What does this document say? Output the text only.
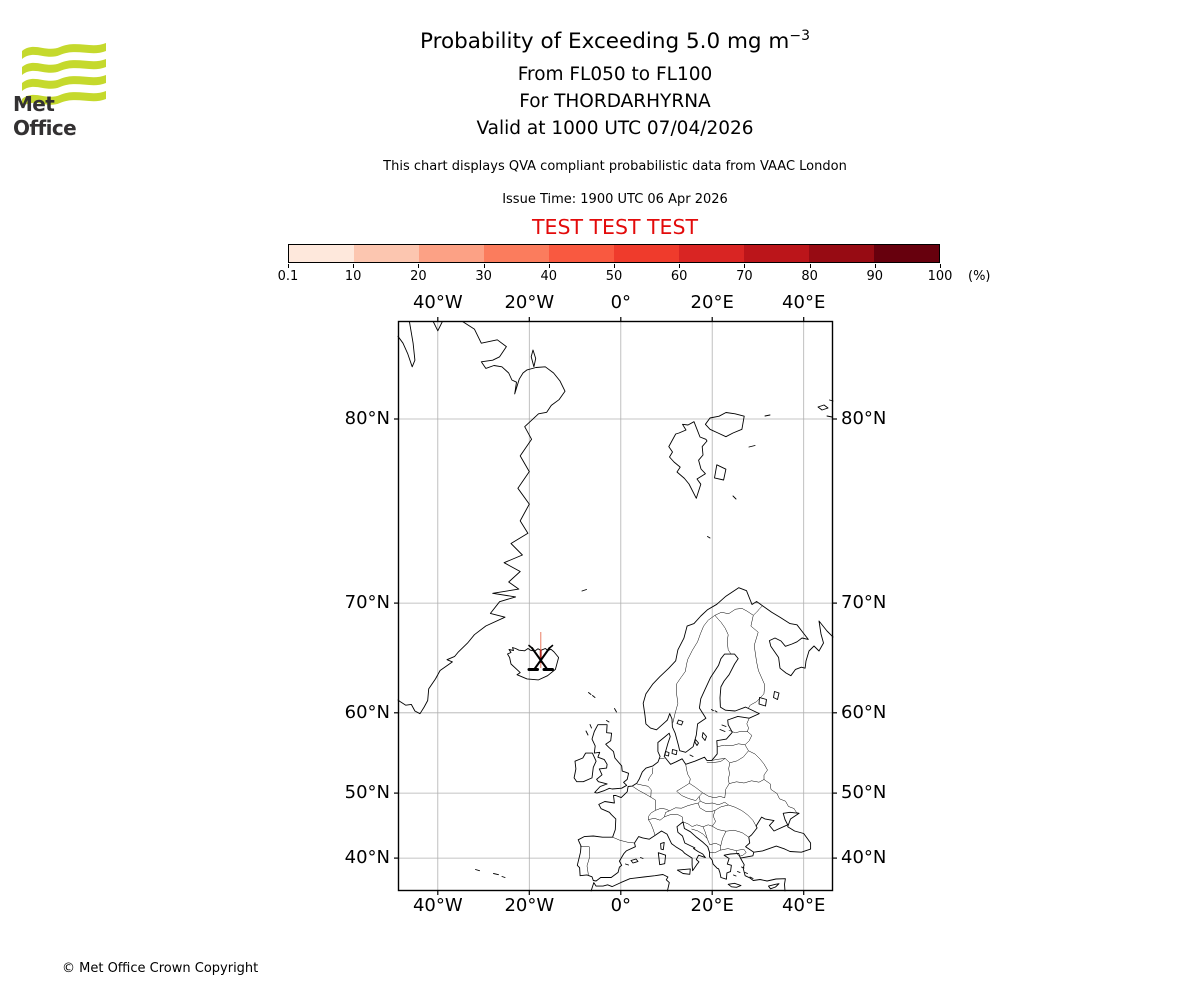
Met Office
Probability of Exceeding 5.0 mg $m^{-3}$
From FL050 to FL100
For THORDARHYRNA
Valid at 1000 UTC 07/04/2026
This chart displays QVA compliant probabilistic data from VAAC London
Issue Time: 1900 UTC 06 Apr 2026
TEST TEST TEST
0.1	10	20	30	40	50	60	70	80	90	100	(%)
40°W
40°W
20°W
20°W
0°
0°
20°E
20°E
40°E
40°E
80°N	80°N
70°N	70°N
60°N	60°N
50°N	50°N
40°N	40°N
© Met Office Crown Copyright
